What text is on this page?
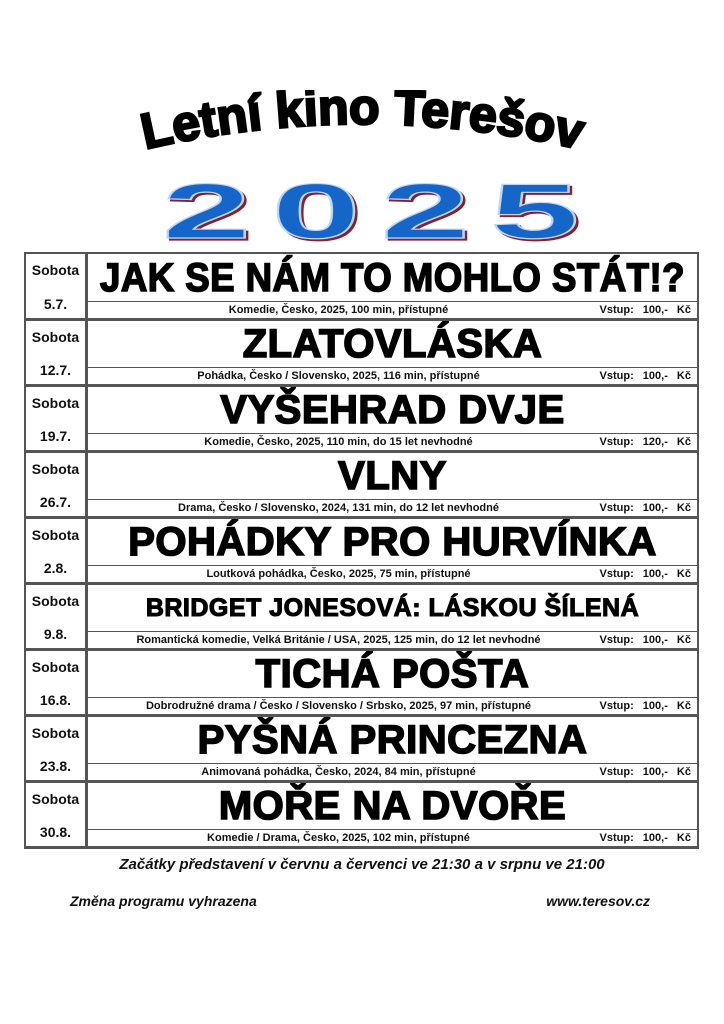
Letní kino Terešov
2025
Sobota
5.7.
JAK SE NÁM TO MOHLO STÁT!?
Komedie, Česko, 2025, 100 min, přístupné	Vstup: 100,- Kč
Sobota
12.7.
ZLATOVLÁSKA
Pohádka, Česko / Slovensko, 2025, 116 min, přístupné	Vstup: 100,- Kč
Sobota
19.7.
VYŠEHRAD DVJE
Komedie, Česko, 2025, 110 min, do 15 let nevhodné	Vstup: 120,- Kč
Sobota
26.7.
VLNY
Drama, Česko / Slovensko, 2024, 131 min, do 12 let nevhodné	Vstup: 100,- Kč
Sobota
2.8.
POHÁDKY PRO HURVÍNKA
Loutková pohádka, Česko, 2025, 75 min, přístupné	Vstup: 100,- Kč
Sobota
9.8.
BRIDGET JONESOVÁ: LÁSKOU ŠÍLENÁ
Romantická komedie, Velká Británie / USA, 2025, 125 min, do 12 let nevhodné	Vstup: 100,- Kč
Sobota
16.8.
TICHÁ POŠTA
Dobrodružné drama / Česko / Slovensko / Srbsko, 2025, 97 min, přístupné	Vstup: 100,- Kč
Sobota
23.8.
PYŠNÁ PRINCEZNA
Animovaná pohádka, Česko, 2024, 84 min, přístupné	Vstup: 100,- Kč
Sobota
30.8.
MOŘE NA DVOŘE
Komedie / Drama, Česko, 2025, 102 min, přístupné	Vstup: 100,- Kč
Začátky představení v červnu a červenci ve 21:30 a v srpnu ve 21:00
Změna programu vyhrazena	www.teresov.cz
